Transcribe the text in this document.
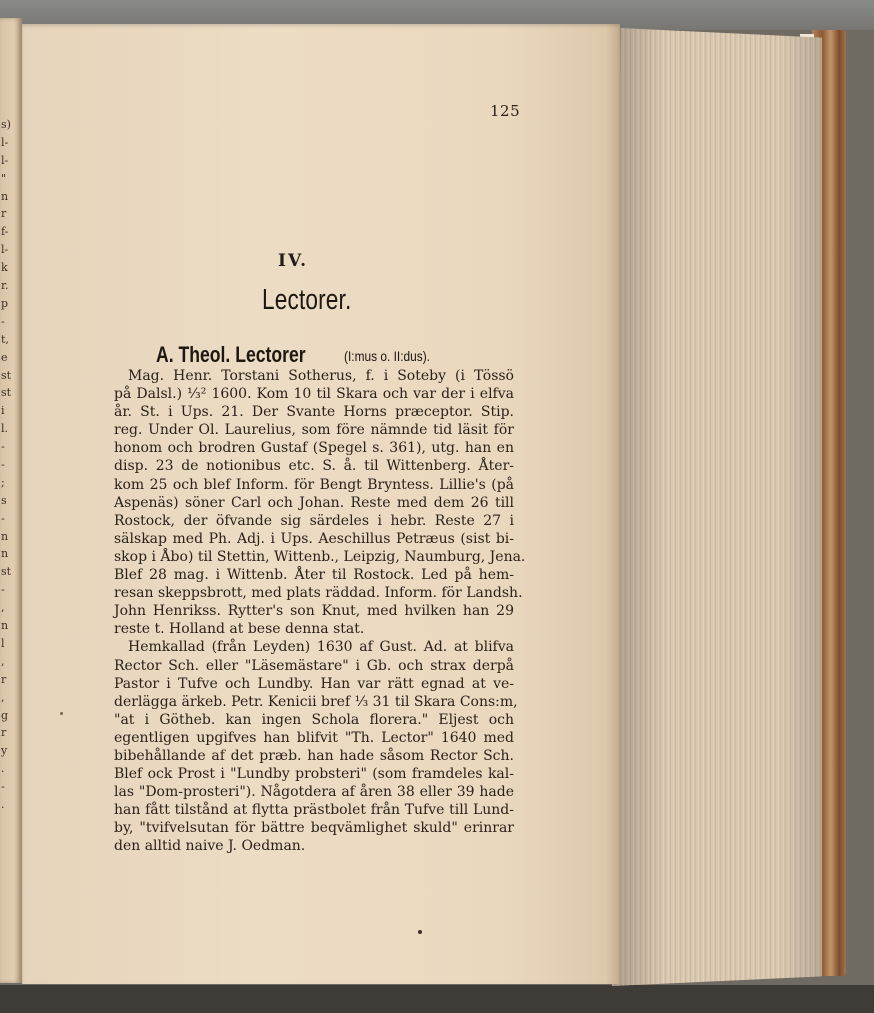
s)
l-
l-
"
n
r
f-
l-
k
r.
p
-
t,
e
st
st
i
l.
-
-
;
s
-
n
n
st
-
,
n
l
,
r
,
g
r
y
.
-
.
125
IV.
Lectorer.
A. Theol. Lectorer	(I:mus o. II:dus).
Mag. Henr. Torstani Sotherus, f. i Soteby (i Tössö
på Dalsl.) ⅓² 1600. Kom 10 til Skara och var der i elfva
år. St. i Ups. 21. Der Svante Horns præceptor. Stip.
reg. Under Ol. Laurelius, som före nämnde tid läsit för
honom och brodren Gustaf (Spegel s. 361), utg. han en
disp. 23 de notionibus etc. S. å. til Wittenberg. Åter-
kom 25 och blef Inform. för Bengt Bryntess. Lillie's (på
Aspenäs) söner Carl och Johan. Reste med dem 26 till
Rostock, der öfvande sig särdeles i hebr. Reste 27 i
sälskap med Ph. Adj. i Ups. Aeschillus Petræus (sist bi-
skop i Åbo) til Stettin, Wittenb., Leipzig, Naumburg, Jena.
Blef 28 mag. i Wittenb. Åter til Rostock. Led på hem-
resan skeppsbrott, med plats räddad. Inform. för Landsh.
John Henrikss. Rytter's son Knut, med hvilken han 29
reste t. Holland at bese denna stat.
Hemkallad (från Leyden) 1630 af Gust. Ad. at blifva
Rector Sch. eller "Läsemästare" i Gb. och strax derpå
Pastor i Tufve och Lundby. Han var rätt egnad at ve-
derlägga ärkeb. Petr. Kenicii bref ⅓ 31 til Skara Cons:m,
"at i Götheb. kan ingen Schola florera." Eljest och
egentligen upgifves han blifvit "Th. Lector" 1640 med
bibehållande af det præb. han hade såsom Rector Sch.
Blef ock Prost i "Lundby probsteri" (som framdeles kal-
las "Dom-prosteri"). Någotdera af åren 38 eller 39 hade
han fått tilstånd at flytta prästbolet från Tufve till Lund-
by, "tvifvelsutan för bättre beqvämlighet skuld" erinrar
den alltid naive J. Oedman.
